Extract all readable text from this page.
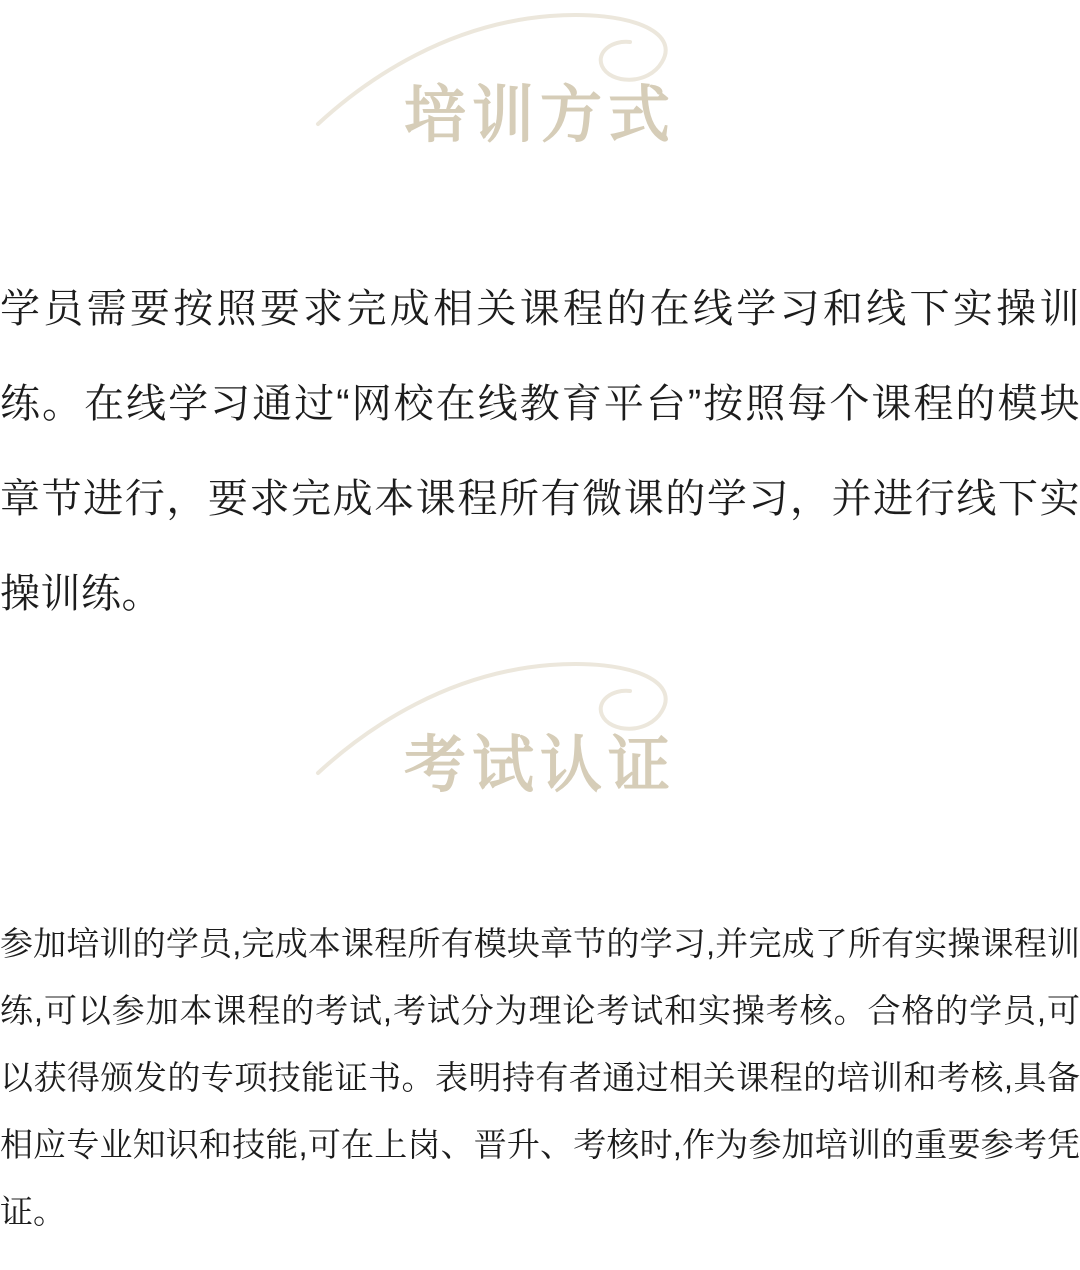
培训方式
学员需要按照要求完成相关课程的在线学习和线下实操训练。在线学习通过“网校在线教育平台”按照每个课程的模块章节进行，要求完成本课程所有微课的学习，并进行线下实操训练。
考试认证
参加培训的学员,完成本课程所有模块章节的学习,并完成了所有实操课程训练,可以参加本课程的考试,考试分为理论考试和实操考核。合格的学员,可以获得颁发的专项技能证书。表明持有者通过相关课程的培训和考核,具备相应专业知识和技能,可在上岗、晋升、考核时,作为参加培训的重要参考凭证。
